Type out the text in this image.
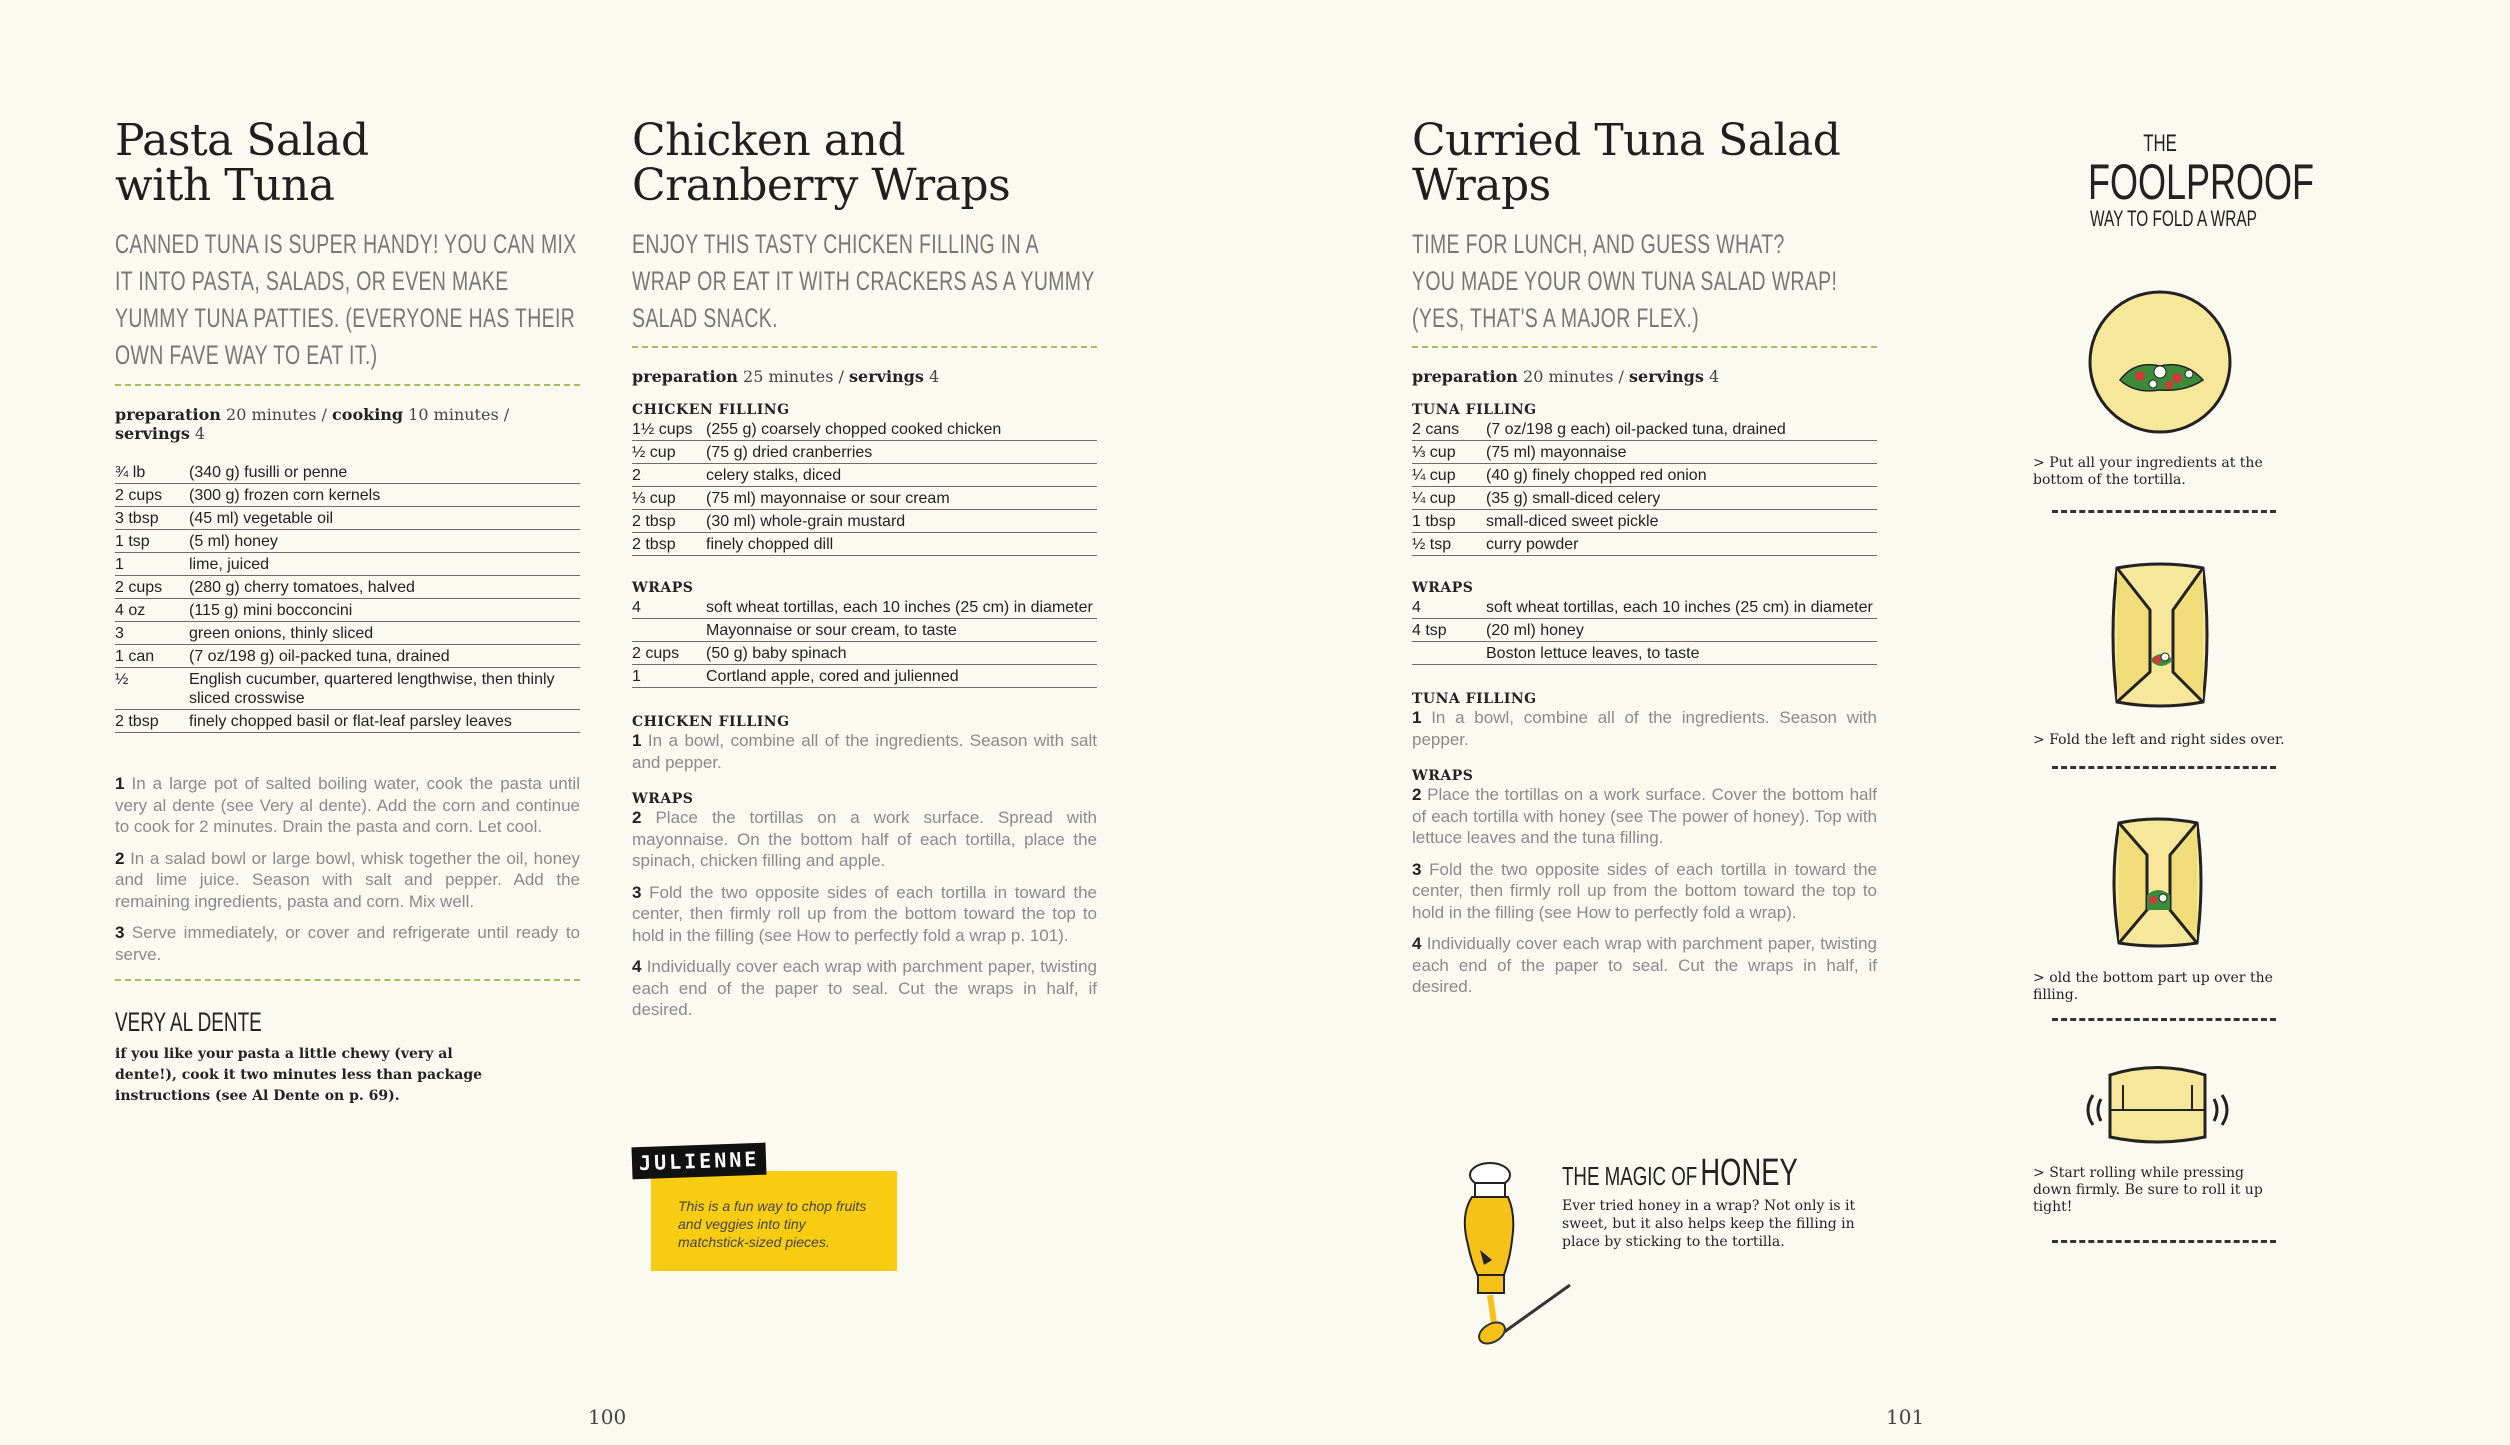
Pasta Salad
with Tuna

CANNED TUNA IS SUPER HANDY! YOU CAN MIX IT INTO PASTA, SALADS, OR EVEN MAKE YUMMY TUNA PATTIES. (EVERYONE HAS THEIR OWN FAVE WAY TO EAT IT.)

preparation 20 minutes / cooking 10 minutes / servings 4
¾ lb	(340 g) fusilli or penne
2 cups	(300 g) frozen corn kernels
3 tbsp	(45 ml) vegetable oil
1 tsp	(5 ml) honey
1	lime, juiced
2 cups	(280 g) cherry tomatoes, halved
4 oz	(115 g) mini bocconcini
3	green onions, thinly sliced
1 can	(7 oz/198 g) oil-packed tuna, drained
½	English cucumber, quartered lengthwise, then thinly sliced crosswise
2 tbsp	finely chopped basil or flat-leaf parsley leaves

1 In a large pot of salted boiling water, cook the pasta until very al dente (see Very al dente). Add the corn and continue to cook for 2 minutes. Drain the pasta and corn. Let cool.

2 In a salad bowl or large bowl, whisk together the oil, honey and lime juice. Season with salt and pepper. Add the remaining ingredients, pasta and corn. Mix well.

3 Serve immediately, or cover and refrigerate until ready to serve.

VERY AL DENTE

if you like your pasta a little chewy (very al dente!), cook it two minutes less than package instructions (see Al Dente on p. 69).

Chicken and
Cranberry Wraps

ENJOY THIS TASTY CHICKEN FILLING IN A WRAP OR EAT IT WITH CRACKERS AS A YUMMY SALAD SNACK.

preparation 25 minutes / servings 4
CHICKEN FILLING
1½ cups	(255 g) coarsely chopped cooked chicken
½ cup	(75 g) dried cranberries
2	celery stalks, diced
⅓ cup	(75 ml) mayonnaise or sour cream
2 tbsp	(30 ml) whole-grain mustard
2 tbsp	finely chopped dill
WRAPS
4	soft wheat tortillas, each 10 inches (25 cm) in diameter
	Mayonnaise or sour cream, to taste
2 cups	(50 g) baby spinach
1	Cortland apple, cored and julienned
CHICKEN FILLING

1 In a bowl, combine all of the ingredients. Season with salt and pepper.

WRAPS

2 Place the tortillas on a work surface. Spread with mayonnaise. On the bottom half of each tortilla, place the spinach, chicken filling and apple.

3 Fold the two opposite sides of each tortilla in toward the center, then firmly roll up from the bottom toward the top to hold in the filling (see How to perfectly fold a wrap p. 101).

4 Individually cover each wrap with parchment paper, twisting each end of the paper to seal. Cut the wraps in half, if desired.

This is a fun way to chop fruits and veggies into tiny matchstick-sized pieces.

JULIENNE
100
Curried Tuna Salad
Wraps
TIME FOR LUNCH, AND GUESS WHAT?
YOU MADE YOUR OWN TUNA SALAD WRAP!
(YES, THAT'S A MAJOR FLEX.)
preparation 20 minutes / servings 4
TUNA FILLING
2 cans	(7 oz/198 g each) oil-packed tuna, drained
⅓ cup	(75 ml) mayonnaise
¼ cup	(40 g) finely chopped red onion
¼ cup	(35 g) small-diced celery
1 tbsp	small-diced sweet pickle
½ tsp	curry powder
WRAPS
4	soft wheat tortillas, each 10 inches (25 cm) in diameter
4 tsp	(20 ml) honey
	Boston lettuce leaves, to taste
TUNA FILLING

1 In a bowl, combine all of the ingredients. Season with pepper.

WRAPS

2 Place the tortillas on a work surface. Cover the bottom half of each tortilla with honey (see The power of honey). Top with lettuce leaves and the tuna filling.

3 Fold the two opposite sides of each tortilla in toward the center, then firmly roll up from the bottom toward the top to hold in the filling (see How to perfectly fold a wrap).

4 Individually cover each wrap with parchment paper, twisting each end of the paper to seal. Cut the wraps in half, if desired.

THE MAGIC OF HONEY

Ever tried honey in a wrap? Not only is it sweet, but it also helps keep the filling in place by sticking to the tortilla.

THE
FOOLPROOF
WAY TO FOLD A WRAP
> Put all your ingredients at the bottom of the tortilla.
> Fold the left and right sides over.
> old the bottom part up over the filling.
> Start rolling while pressing down firmly. Be sure to roll it up tight!
101
